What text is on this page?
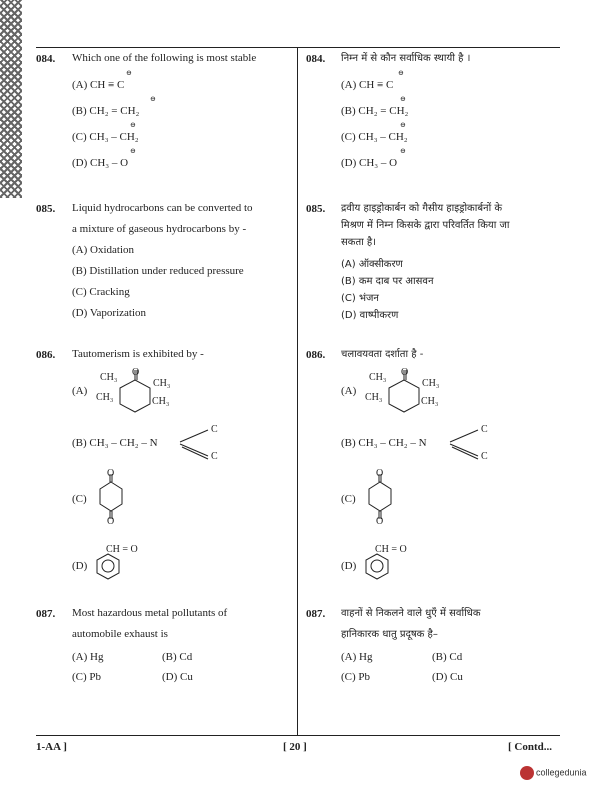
084. Which one of the following is most stable
(A) CH ≡ C
(B) CH₂ = CH₂
(C) CH₃ – CH₂
(D) CH₃ – O
⊖
⊖
⊖
⊖
084. निम्न में से कौन सर्वाधिक स्थायी है ।
(A) CH ≡ C
(B) CH₂ = CH₂
(C) CH₃ – CH₂
(D) CH₃ – O
⊖
⊖
⊖
⊖
085. Liquid hydrocarbons can be converted to
a mixture of gaseous hydrocarbons by -
(A) Oxidation
(B) Distillation under reduced pressure
(C) Cracking
(D) Vaporization
085. द्रवीय हाइड्रोकार्बन को गैसीय हाइड्रोकार्बनों के
मिश्रण में निम्न किसके द्वारा परिवर्तित किया जा
सकता है।
(A) ऑक्सीकरण
(B) कम दाब पर आसवन
(C) भंजन
(D) वाष्पीकरण
086. Tautomerism is exhibited by -
(A)
(B) CH₃ – CH₂ – N
(C)
(D)
CH₃ O
CH₃
CH₃	CH₃
C
C
O
O
CH = O
086. चलावयवता दर्शाता है -
(A)
(B) CH₃ – CH₂ – N
(C)
(D)
CH₃ O
CH₃
CH₃	CH₃
C
C
O
O
CH = O
087. Most hazardous metal pollutants of
automobile exhaust is
(A) Hg	(B) Cd
(C) Pb	(D) Cu
087. वाहनों से निकलने वाले धुएँ में सर्वाधिक
हानिकारक धातु प्रदूषक है–
(A) Hg	(B) Cd
(C) Pb	(D) Cu
1-AA ]	[ 20 ]	[ Contd...
collegedunia
